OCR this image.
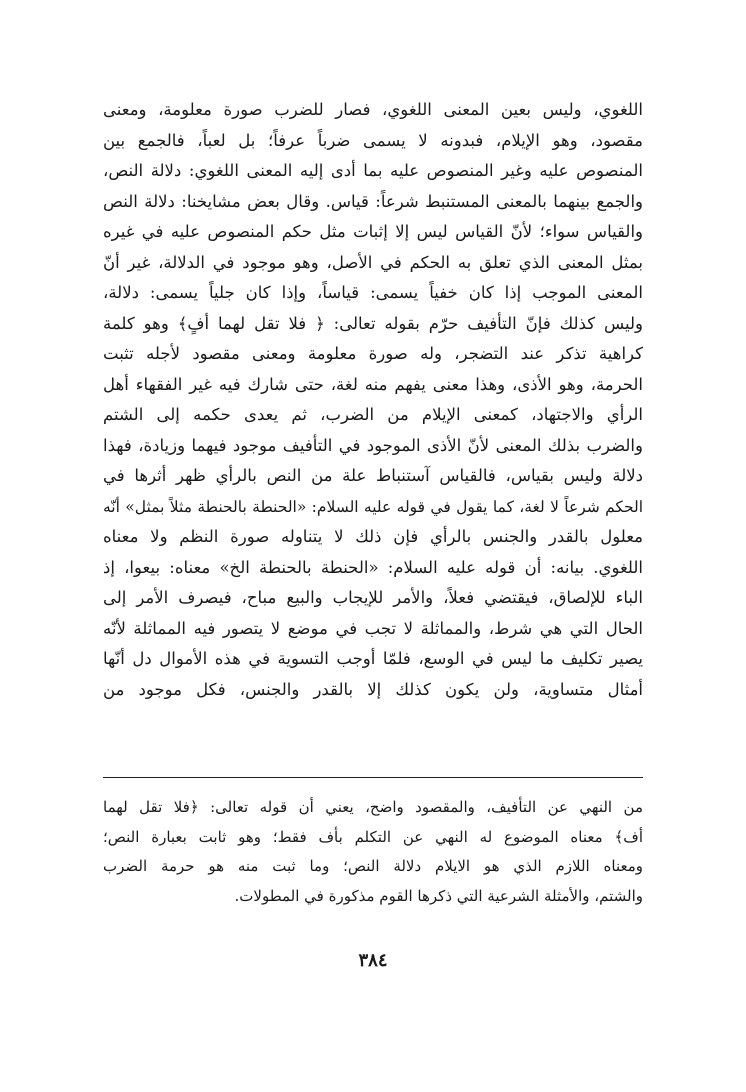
اللغوي، وليس بعين المعنى اللغوي، فصار للضرب صورة معلومة، ومعنى
مقصود، وهو الإيلام، فبدونه لا يسمى ضرباً عرفاً؛ بل لعباً، فالجمع بين
المنصوص عليه وغير المنصوص عليه بما أدى إليه المعنى اللغوي: دلالة النص،
والجمع بينهما بالمعنى المستنبط شرعاً: قياس. وقال بعض مشايخنا: دلالة النص
والقياس سواء؛ لأنّ القياس ليس إلا إثبات مثل حكم المنصوص عليه في غيره
بمثل المعنى الذي تعلق به الحكم في الأصل، وهو موجود في الدلالة، غير أنّ
المعنى الموجب إذا كان خفياً يسمى: قياساً، وإذا كان جلياً يسمى: دلالة،
وليس كذلك فإنّ التأفيف حرّم بقوله تعالى: ﴿ فلا تقل لهما أفٍ﴾ وهو كلمة
كراهية تذكر عند التضجر، وله صورة معلومة ومعنى مقصود لأجله تثبت
الحرمة، وهو الأذى، وهذا معنى يفهم منه لغة، حتى شارك فيه غير الفقهاء أهل
الرأي والاجتهاد، كمعنى الإيلام من الضرب، ثم يعدى حكمه إلى الشتم
والضرب بذلك المعنى لأنّ الأذى الموجود في التأفيف موجود فيهما وزيادة، فهذا
دلالة وليس بقياس، فالقياس آستنباط علة من النص بالرأي ظهر أثرها في
الحكم شرعاً لا لغة، كما يقول في قوله عليه السلام: «الحنطة بالحنطة مثلاً بمثل» أنّه
معلول بالقدر والجنس بالرأي فإن ذلك لا يتناوله صورة النظم ولا معناه
اللغوي. بيانه: أن قوله عليه السلام: «الحنطة بالحنطة الخ» معناه: بيعوا، إذ
الباء للإلصاق، فيقتضي فعلاً، والأمر للإيجاب والبيع مباح، فيصرف الأمر إلى
الحال التي هي شرط، والمماثلة لا تجب في موضع لا يتصور فيه المماثلة لأنّه
يصير تكليف ما ليس في الوسع، فلمّا أوجب التسوية في هذه الأموال دل أنّها
أمثال متساوية، ولن يكون كذلك إلا بالقدر والجنس، فكل موجود من
من النهي عن التأفيف، والمقصود واضح، يعني أن قوله تعالى: ﴿فلا تقل لهما
أف﴾ معناه الموضوع له النهي عن التكلم بأف فقط؛ وهو ثابت بعبارة النص؛
ومعناه اللازم الذي هو الايلام دلالة النص؛ وما ثبت منه هو حرمة الضرب
والشتم، والأمثلة الشرعية التي ذكرها القوم مذكورة في المطولات.
٣٨٤
